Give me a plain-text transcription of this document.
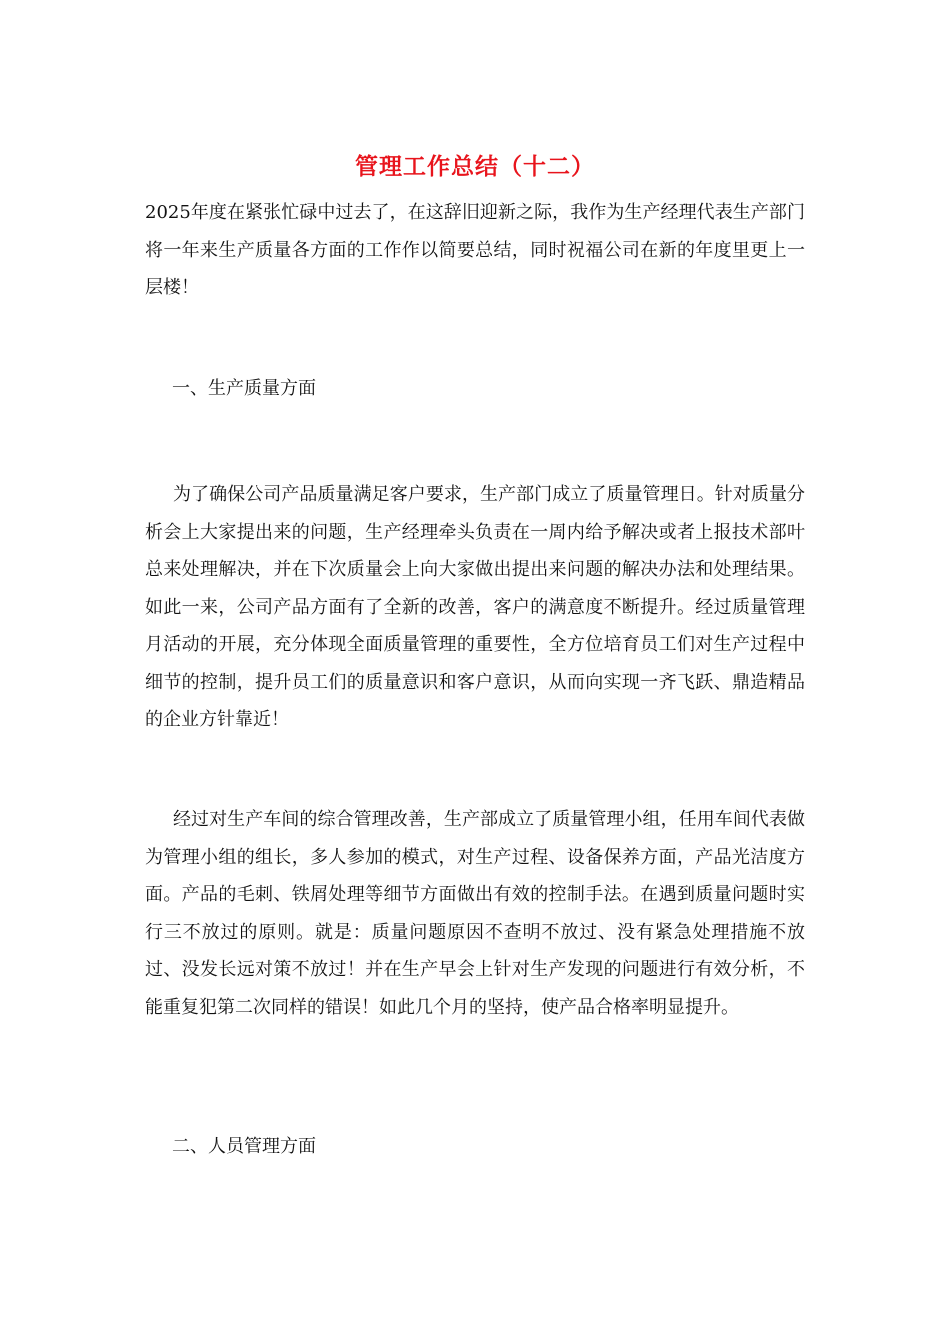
管理工作总结（十二）
2025年度在紧张忙碌中过去了，在这辞旧迎新之际，我作为生产经理代表生产部门将一年来生产质量各方面的工作作以简要总结，同时祝福公司在新的年度里更上一层楼！
一、生产质量方面
为了确保公司产品质量满足客户要求，生产部门成立了质量管理日。针对质量分析会上大家提出来的问题，生产经理牵头负责在一周内给予解决或者上报技术部叶总来处理解决，并在下次质量会上向大家做出提出来问题的解决办法和处理结果。如此一来，公司产品方面有了全新的改善，客户的满意度不断提升。经过质量管理月活动的开展，充分体现全面质量管理的重要性，全方位培育员工们对生产过程中细节的控制，提升员工们的质量意识和客户意识，从而向实现一齐飞跃、鼎造精品的企业方针靠近！
经过对生产车间的综合管理改善，生产部成立了质量管理小组，任用车间代表做为管理小组的组长，多人参加的模式，对生产过程、设备保养方面，产品光洁度方面。产品的毛刺、铁屑处理等细节方面做出有效的控制手法。在遇到质量问题时实行三不放过的原则。就是：质量问题原因不查明不放过、没有紧急处理措施不放过、没发长远对策不放过！并在生产早会上针对生产发现的问题进行有效分析，不能重复犯第二次同样的错误！如此几个月的坚持，使产品合格率明显提升。
二、人员管理方面
